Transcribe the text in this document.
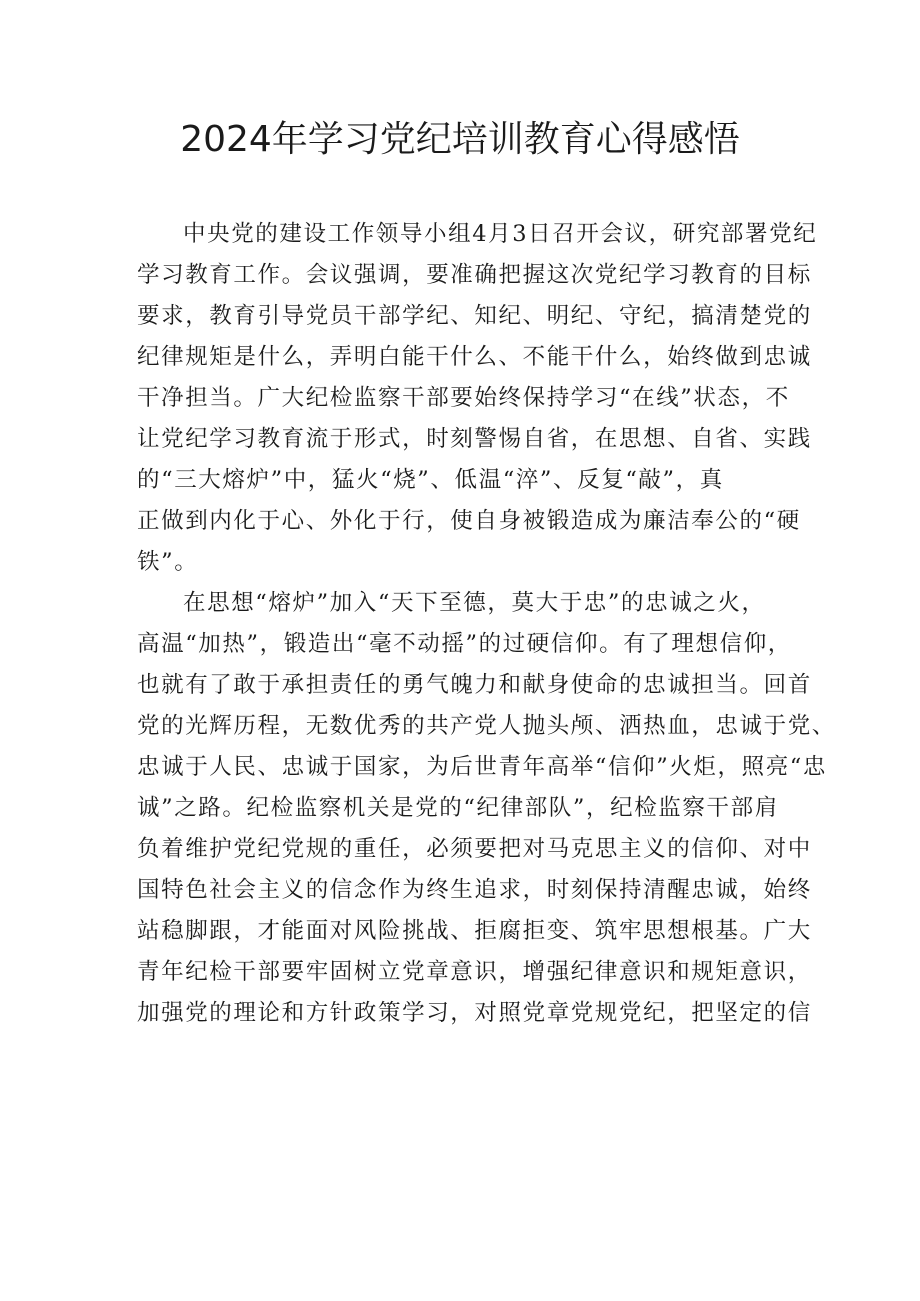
2024年学习党纪培训教育心得感悟
中央党的建设工作领导小组4月3日召开会议，研究部署党纪
学习教育工作。会议强调，要准确把握这次党纪学习教育的目标
要求，教育引导党员干部学纪、知纪、明纪、守纪，搞清楚党的
纪律规矩是什么，弄明白能干什么、不能干什么，始终做到忠诚
干净担当。广大纪检监察干部要始终保持学习“在线”状态，不
让党纪学习教育流于形式，时刻警惕自省，在思想、自省、实践
的“三大熔炉”中，猛火“烧”、低温“淬”、反复“敲”，真
正做到内化于心、外化于行，使自身被锻造成为廉洁奉公的“硬
铁”。
在思想“熔炉”加入“天下至德，莫大于忠”的忠诚之火，
高温“加热”，锻造出“毫不动摇”的过硬信仰。有了理想信仰，
也就有了敢于承担责任的勇气魄力和献身使命的忠诚担当。回首
党的光辉历程，无数优秀的共产党人抛头颅、洒热血，忠诚于党、
忠诚于人民、忠诚于国家，为后世青年高举“信仰”火炬，照亮“忠
诚”之路。纪检监察机关是党的“纪律部队”，纪检监察干部肩
负着维护党纪党规的重任，必须要把对马克思主义的信仰、对中
国特色社会主义的信念作为终生追求，时刻保持清醒忠诚，始终
站稳脚跟，才能面对风险挑战、拒腐拒变、筑牢思想根基。广大
青年纪检干部要牢固树立党章意识，增强纪律意识和规矩意识，
加强党的理论和方针政策学习，对照党章党规党纪，把坚定的信
